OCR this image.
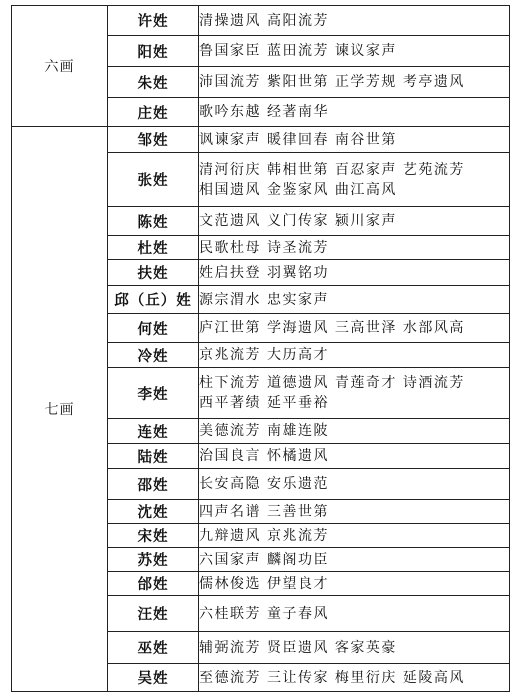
六画	许姓	清操遗风 高阳流芳

	阳姓	鲁国家臣 蓝田流芳 谏议家声

	朱姓	沛国流芳 紫阳世第 正学芳规 考亭遗风

	庄姓	歌吟东越 经著南华

七画	邹姓	讽谏家声 暖律回春 南谷世第

	张姓	清河衍庆 韩相世第 百忍家声 艺苑流芳
相国遗风 金鉴家风 曲江高风

	陈姓	文范遗风 义门传家 颍川家声

	杜姓	民歌杜母 诗圣流芳

	扶姓	姓启扶登 羽翼铭功

	邱（丘）姓	源宗渭水 忠实家声

	何姓	庐江世第 学海遗风 三高世泽 水部风高

	冷姓	京兆流芳 大历高才

	李姓	柱下流芳 道德遗风 青莲奇才 诗酒流芳
西平著绩 延平垂裕

	连姓	美德流芳 南雄连陂

	陆姓	治国良言 怀橘遗风

	邵姓	长安高隐 安乐遗范

	沈姓	四声名谱 三善世第

	宋姓	九辩遗风 京兆流芳

	苏姓	六国家声 麟阁功臣

	邰姓	儒林俊选 伊望良才

	汪姓	六桂联芳 童子春风

	巫姓	辅弼流芳 贤臣遗风 客家英豪

	吴姓	至德流芳 三让传家 梅里衍庆 延陵高风
